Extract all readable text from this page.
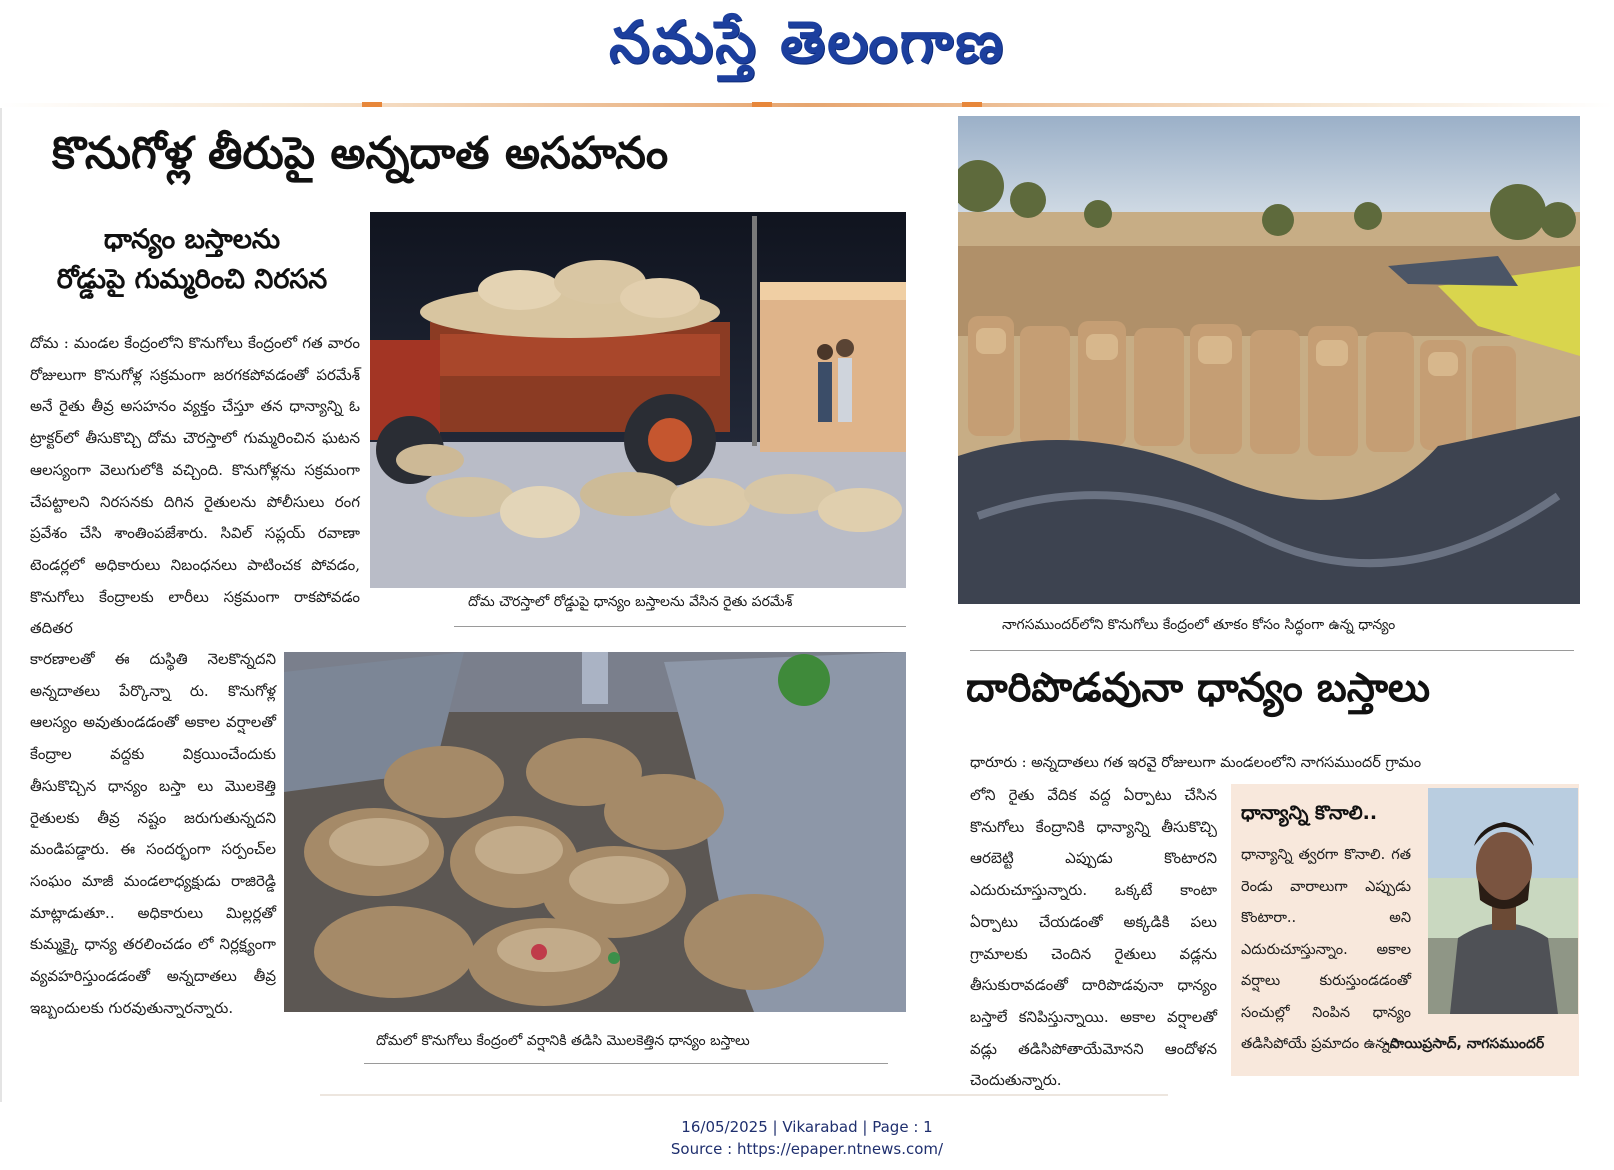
నమస్తే తెలంగాణ
కొనుగోళ్ల తీరుపై అన్నదాత అసహనం
ధాన్యం బస్తాలను
రోడ్డుపై గుమ్మరించి నిరసన
దోమ : మండల కేంద్రంలోని కొనుగోలు కేంద్రంలో గత వారం రోజులుగా కొనుగోళ్ల సక్రమంగా జరగకపోవడంతో పరమేశ్ అనే రైతు తీవ్ర అసహనం వ్యక్తం చేస్తూ తన ధాన్యాన్ని ఓ ట్రాక్టర్‌లో తీసుకొచ్చి దోమ చౌరస్తాలో గుమ్మరించిన ఘటన ఆలస్యంగా వెలుగులోకి వచ్చింది. కొనుగోళ్లను సక్రమంగా చేపట్టాలని నిరసనకు దిగిన రైతులను పోలీసులు రంగ ప్రవేశం చేసి శాంతింపజేశారు. సివిల్ సప్లయ్ రవాణా టెండర్లలో అధికారులు నిబంధనలు పాటించక పోవడం, కొనుగోలు కేంద్రాలకు లారీలు సక్రమంగా రాకపోవడం తదితర
కారణాలతో ఈ దుస్థితి నెలకొన్నదని అన్నదాతలు పేర్కొన్నా రు. కొనుగోళ్ల ఆలస్యం అవుతుండడంతో అకాల వర్షాలతో కేంద్రాల వద్దకు విక్రయించేందుకు తీసుకొచ్చిన ధాన్యం బస్తా లు మొలకెత్తి రైతులకు తీవ్ర నష్టం జరుగుతున్నదని మండిపడ్డారు. ఈ సందర్భంగా సర్పంచ్‌ల సంఘం మాజీ మండలాధ్యక్షుడు రాజిరెడ్డి మాట్లాడుతూ.. అధికారులు మిల్లర్లతో కుమ్మక్కై ధాన్య తరలించడం లో నిర్లక్ష్యంగా వ్యవహరిస్తుండడంతో అన్నదాతలు తీవ్ర ఇబ్బందులకు గురవుతున్నారన్నారు.
దోమ చౌరస్తాలో రోడ్డుపై ధాన్యం బస్తాలను వేసిన రైతు పరమేశ్
దోమలో కొనుగోలు కేంద్రంలో వర్షానికి తడిసి మొలకెత్తిన ధాన్యం బస్తాలు
నాగసముందర్‌లోని కొనుగోలు కేంద్రంలో తూకం కోసం సిద్ధంగా ఉన్న ధాన్యం
దారిపొడవునా ధాన్యం బస్తాలు
ధారూరు : అన్నదాతలు గత ఇరవై రోజులుగా మండలంలోని నాగసముందర్ గ్రామం
లోని రైతు వేదిక వద్ద ఏర్పాటు చేసిన కొనుగోలు కేంద్రానికి ధాన్యాన్ని తీసుకొచ్చి ఆరబెట్టి ఎప్పుడు కొంటారని ఎదురుచూస్తున్నారు. ఒక్కటే కాంటా ఏర్పాటు చేయడంతో అక్కడికి పలు గ్రామాలకు చెందిన రైతులు వడ్లను తీసుకురావడంతో దారిపొడవునా ధాన్యం బస్తాలే కనిపిస్తున్నాయి. అకాల వర్షాలతో వడ్లు తడిసిపోతాయేమోనని ఆందోళన చెందుతున్నారు.
ధాన్యాన్ని కొనాలి..
ధాన్యాన్ని త్వరగా కొనాలి. గత రెండు వారాలుగా ఎప్పుడు కొంటారా.. అని ఎదురుచూస్తున్నాం. అకాల వర్షాలు కురుస్తుండడంతో సంచుల్లో నింపిన ధాన్యం తడిసిపోయే ప్రమాదం ఉన్నది.
-సాయిప్రసాద్, నాగసముందర్
16/05/2025 | Vikarabad | Page : 1
Source : https://epaper.ntnews.com/
